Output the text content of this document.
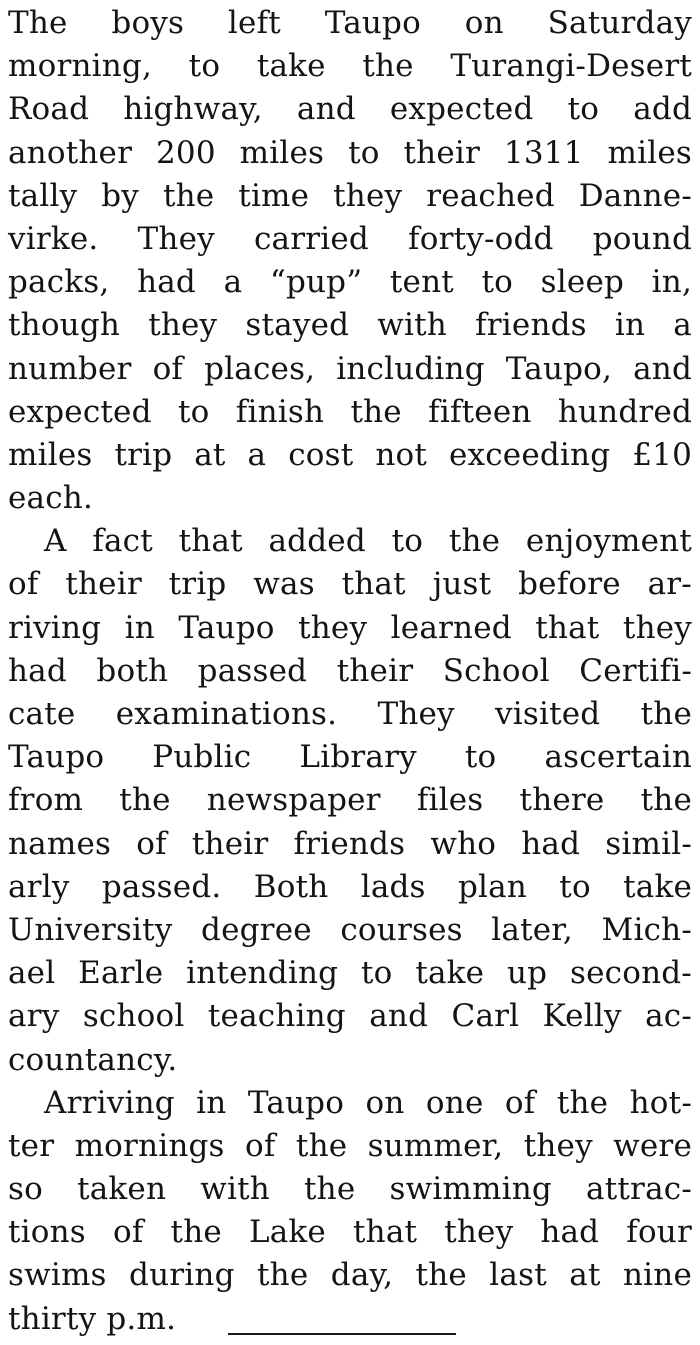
The boys left Taupo on Saturday
morning, to take the Turangi-Desert
Road highway, and expected to add
another 200 miles to their 1311 miles
tally by the time they reached Danne-
virke. They carried forty-odd pound
packs, had a “pup” tent to sleep in,
though they stayed with friends in a
number of places, including Taupo, and
expected to finish the fifteen hundred
miles trip at a cost not exceeding £10
each.
A fact that added to the enjoyment
of their trip was that just before ar-
riving in Taupo they learned that they
had both passed their School Certifi-
cate examinations. They visited the
Taupo Public Library to ascertain
from the newspaper files there the
names of their friends who had simil-
arly passed. Both lads plan to take
University degree courses later, Mich-
ael Earle intending to take up second-
ary school teaching and Carl Kelly ac-
countancy.
Arriving in Taupo on one of the hot-
ter mornings of the summer, they were
so taken with the swimming attrac-
tions of the Lake that they had four
swims during the day, the last at nine
thirty p.m.
